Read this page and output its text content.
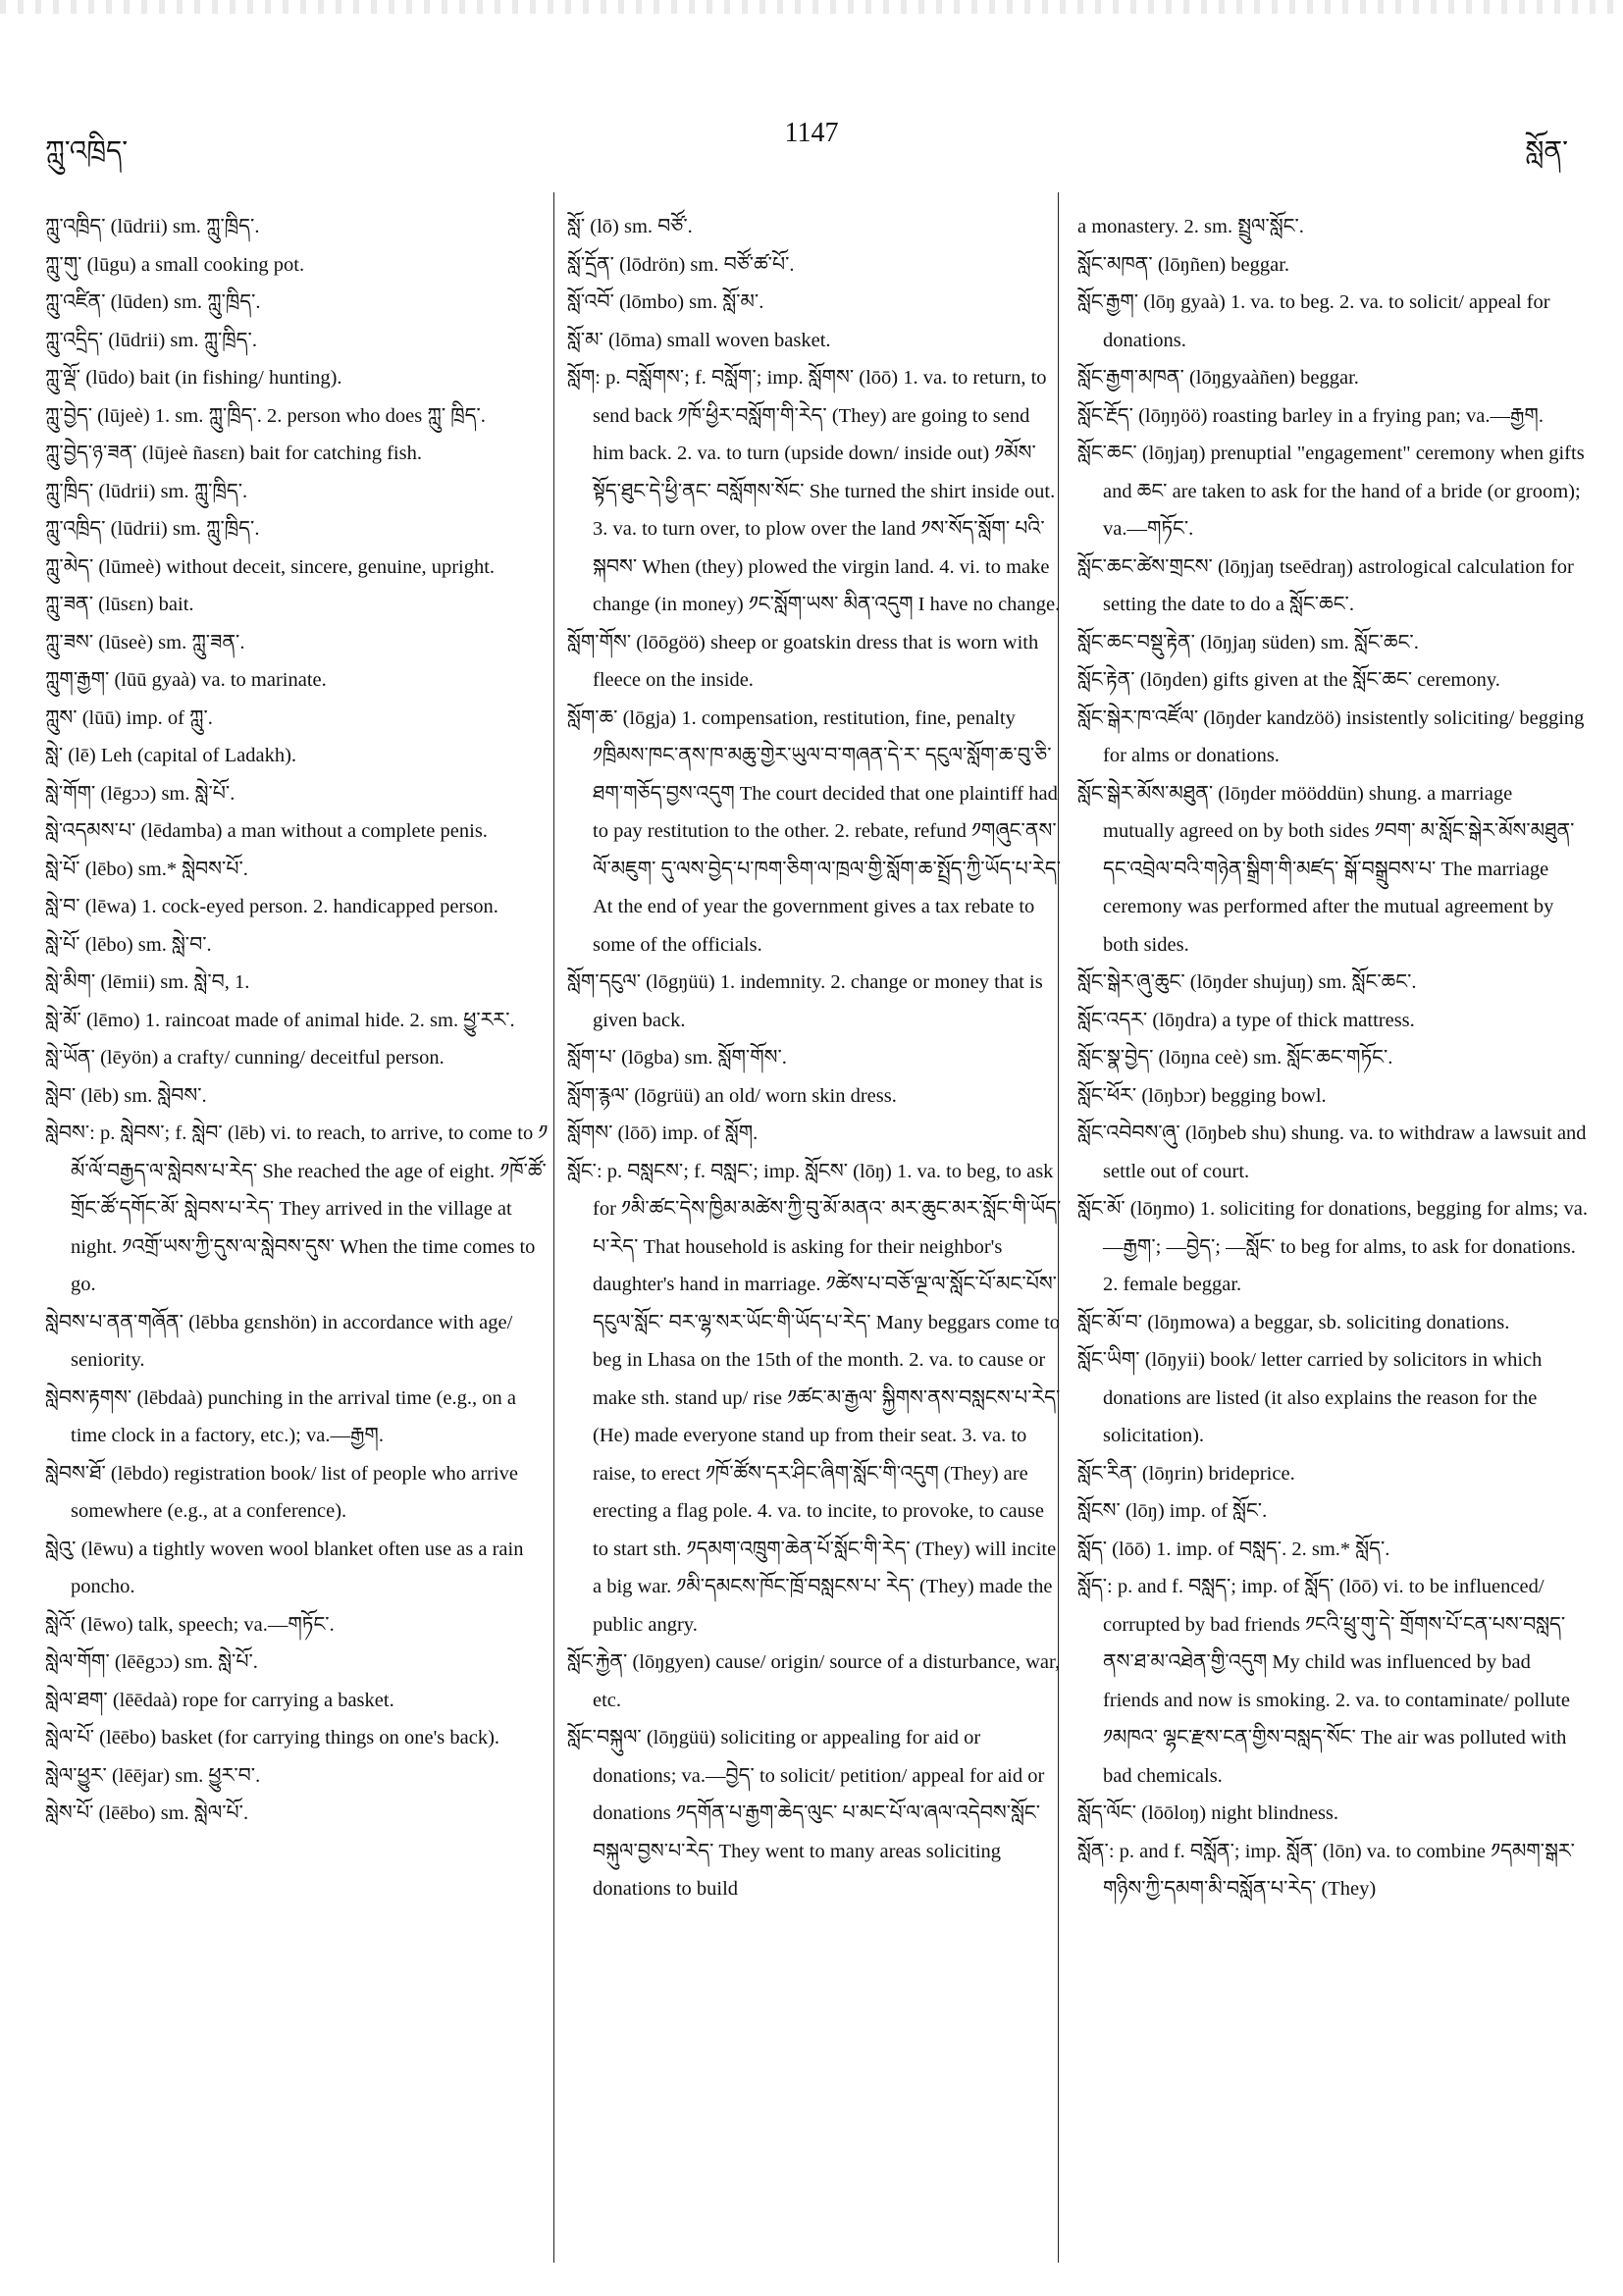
ཀླུ་འཁྲིད་
1147
སློན་

ཀླུ་འཁྲིད་ (lūdrii) sm. ཀླུ་ཁྲིད་.

ཀླུ་གུ་ (lūgu) a small cooking pot.

ཀླུ་འཛིན་ (lūden) sm. ཀླུ་ཁྲིད་.

ཀླུ་འདྲིད་ (lūdrii) sm. ཀླུ་ཁྲིད་.

ཀླུ་ལྡོ་ (lūdo) bait (in fishing/ hunting).

ཀླུ་བྱེད་ (lūjeè) 1. sm. ཀླུ་ཁྲིད་. 2. person who does ཀླུ་ ཁྲིད་.

ཀླུ་བྱེད་ཉ་ཟན་ (lūjeè ñasɛn) bait for catching fish.

ཀླུ་ཁྲིད་ (lūdrii) sm. ཀླུ་ཁྲིད་.

ཀླུ་འཁྲིད་ (lūdrii) sm. ཀླུ་ཁྲིད་.

ཀླུ་མེད་ (lūmeè) without deceit, sincere, genuine, upright.

ཀླུ་ཟན་ (lūsɛn) bait.

ཀླུ་ཟས་ (lūseè) sm. ཀླུ་ཟན་.

ཀླུག་རྒྱག་ (lūū gyaà) va. to marinate.

ཀླུས་ (lūū) imp. of ཀླུ་.

སླེ་ (lē) Leh (capital of Ladakh).

སླེ་གོག་ (lēgɔɔ) sm. སླེ་པོ་.

སླེ་འདམས་པ་ (lēdamba) a man without a complete penis.

སླེ་པོ་ (lēbo) sm.* སླེབས་པོ་.

སླེ་བ་ (lēwa) 1. cock-eyed person. 2. handicapped person.

སླེ་པོ་ (lēbo) sm. སླེ་བ་.

སླེ་མིག་ (lēmii) sm. སླེ་བ, 1.

སླེ་མོ་ (lēmo) 1. raincoat made of animal hide. 2. sm. ཕྱུ་རར་.

སླེ་ཡོན་ (lēyön) a crafty/ cunning/ deceitful person.

སླེབ་ (lēb) sm. སླེབས་.

སླེབས་: p. སླེབས་; f. སླེབ་ (lēb) vi. to reach, to arrive, to come to ༡ མོ་ལོ་བརྒྱད་ལ་སླེབས་པ་རེད་ She reached the age of eight. ༡ཁོ་ཚོ་གྲོང་ཚོ་དགོང་མོ་ སླེབས་པ་རེད་ They arrived in the village at night. ༡འགྲོ་ཡས་ཀྱི་དུས་ལ་སླེབས་དུས་ When the time comes to go.

སླེབས་པ་ནན་གཞོན་ (lēbba gɛnshön) in accordance with age/ seniority.

སླེབས་རྟགས་ (lēbdaà) punching in the arrival time (e.g., on a time clock in a factory, etc.); va.—རྒྱག.

སླེབས་ཐོ་ (lēbdo) registration book/ list of people who arrive somewhere (e.g., at a conference).

སླེའུ་ (lēwu) a tightly woven wool blanket often use as a rain poncho.

སླེའོ་ (lēwo) talk, speech; va.—གཏོང་.

སླེལ་གོག་ (lēēgɔɔ) sm. སླེ་པོ་.

སླེལ་ཐག་ (lēēdaà) rope for carrying a basket.

སླེལ་པོ་ (lēēbo) basket (for carrying things on one's back).

སླེལ་ཕྱུར་ (lēējar) sm. ཕྱུར་བ་.

སླེས་པོ་ (lēēbo) sm. སླེལ་པོ་.

སློ་ (lō) sm. བཙོ་.

སློ་དྲོན་ (lōdrön) sm. བཙོ་ཚ་པོ་.

སློ་འབོ་ (lōmbo) sm. སློ་མ་.

སློ་མ་ (lōma) small woven basket.

སློག: p. བསློགས་; f. བསློག་; imp. སློགས་ (lōō) 1. va. to return, to send back ༡ཁོ་ཕྱིར་བསློག་གི་རེད་ (They) are going to send him back. 2. va. to turn (upside down/ inside out) ༡མོས་སྟོད་ཐུང་དེ་ཕྱི་ནང་ བསློགས་སོང་ She turned the shirt inside out. 3. va. to turn over, to plow over the land ༡ས་སོད་སློག་ པའི་སྐབས་ When (they) plowed the virgin land. 4. vi. to make change (in money) ༡ང་སློག་ཡས་ མིན་འདུག I have no change.

སློག་གོས་ (lōōgöö) sheep or goatskin dress that is worn with fleece on the inside.

སློག་ཆ་ (lōgja) 1. compensation, restitution, fine, penalty ༡ཁྲིམས་ཁང་ནས་ཁ་མཆུ་གྱེར་ཡུལ་བ་གཞན་དེ་ར་ དངུལ་སློག་ཆ་བུ་ཅི་ཐག་གཅོད་བྱས་འདུག The court decided that one plaintiff had to pay restitution to the other. 2. rebate, refund ༡གཞུང་ནས་ལོ་མཇུག་ དུ་ལས་བྱེད་པ་ཁག་ཅིག་ལ་ཁྲལ་གྱི་སློག་ཆ་སྤྲོད་ཀྱི་ཡོད་པ་རེད་ At the end of year the government gives a tax rebate to some of the officials.

སློག་དངུལ་ (lōgŋüü) 1. indemnity. 2. change or money that is given back.

སློག་པ་ (lōgba) sm. སློག་གོས་.

སློག་རྙལ་ (lōgrüü) an old/ worn skin dress.

སློགས་ (lōō) imp. of སློག.

སློང་: p. བསླངས་; f. བསླང་; imp. སློངས་ (lōŋ) 1. va. to beg, to ask for ༡མི་ཚང་དེས་ཁྱིམ་མཚེས་ཀྱི་བུ་མོ་མནའ་ མར་ཆུང་མར་སློང་གི་ཡོད་པ་རེད་ That household is asking for their neighbor's daughter's hand in marriage. ༡ཚེས་པ་བཅོ་ལྔ་ལ་སློང་པོ་མང་པོས་དངུལ་སློང་ བར་ལྷ་སར་ཡོང་གི་ཡོད་པ་རེད་ Many beggars come to beg in Lhasa on the 15th of the month. 2. va. to cause or make sth. stand up/ rise ༡ཚང་མ་རྒྱལ་ སྐྱིགས་ནས་བསླངས་པ་རེད་ (He) made everyone stand up from their seat. 3. va. to raise, to erect ༡ཁོ་ཚོས་དར་ཤིང་ཞིག་སློང་གི་འདུག (They) are erecting a flag pole. 4. va. to incite, to provoke, to cause to start sth. ༡དམག་འཁྲུག་ཆེན་པོ་སློང་གི་རེད་ (They) will incite a big war. ༡མི་དམངས་ཁོང་ཁྲོ་བསླངས་པ་ རེད་ (They) made the public angry.

སློང་རྐྱེན་ (lōŋgyen) cause/ origin/ source of a disturbance, war, etc.

སློང་བསྐུལ་ (lōŋgüü) soliciting or appealing for aid or donations; va.—བྱེད་ to solicit/ petition/ appeal for aid or donations ༡དགོན་པ་རྒྱག་ཆེད་ལུང་ པ་མང་པོ་ལ་ཞལ་འདེབས་སློང་བསྐུལ་བྱས་པ་རེད་ They went to many areas soliciting donations to build

a monastery. 2. sm. སྤྲུལ་སློང་.

སློང་མཁན་ (lōŋñen) beggar.

སློང་རྒྱག་ (lōŋ gyaà) 1. va. to beg. 2. va. to solicit/ appeal for donations.

སློང་རྒྱག་མཁན་ (lōŋgyaàñen) beggar.

སློང་རྔོད་ (lōŋŋöö) roasting barley in a frying pan; va.—རྒྱག.

སློང་ཆང་ (lōŋjaŋ) prenuptial "engagement" ceremony when gifts and ཆང་ are taken to ask for the hand of a bride (or groom); va.—གཏོང་.

སློང་ཆང་ཚེས་གྲངས་ (lōŋjaŋ tseēdraŋ) astrological calculation for setting the date to do a སློང་ཆང་.

སློང་ཆང་བསྡུ་རྟེན་ (lōŋjaŋ süden) sm. སློང་ཆང་.

སློང་རྟེན་ (lōŋden) gifts given at the སློང་ཆང་ ceremony.

སློང་སྒེར་ཁ་འཛོལ་ (lōŋder kandzöö) insistently soliciting/ begging for alms or donations.

སློང་སྒེར་མོས་མཐུན་ (lōŋder mööddün) shung. a marriage mutually agreed on by both sides ༡བག་ མ་སློང་སྒེར་མོས་མཐུན་དང་འབྲེལ་བའི་གཉེན་སྒྲིག་གི་མཛད་ སྒོ་བསྒྲུབས་པ་ The marriage ceremony was performed after the mutual agreement by both sides.

སློང་སྒེར་ཞུ་ཆུང་ (lōŋder shujuŋ) sm. སློང་ཆང་.

སློང་འདར་ (lōŋdra) a type of thick mattress.

སློང་སྣ་བྱེད་ (lōŋna ceè) sm. སློང་ཆང་གཏོང་.

སློང་ཕོར་ (lōŋbɔr) begging bowl.

སློང་འབེབས་ཞུ་ (lōŋbeb shu) shung. va. to withdraw a lawsuit and settle out of court.

སློང་མོ་ (lōŋmo) 1. soliciting for donations, begging for alms; va.—རྒྱག་; —བྱེད་; —སློང་ to beg for alms, to ask for donations. 2. female beggar.

སློང་མོ་བ་ (lōŋmowa) a beggar, sb. soliciting donations.

སློང་ཡིག་ (lōŋyii) book/ letter carried by solicitors in which donations are listed (it also explains the reason for the solicitation).

སློང་རིན་ (lōŋrin) brideprice.

སློངས་ (lōŋ) imp. of སློང་.

སློད་ (lōō) 1. imp. of བསླད་. 2. sm.* སློད་.

སློད་: p. and f. བསླད་; imp. of སློད་ (lōō) vi. to be influenced/ corrupted by bad friends ༡ངའི་ཕྲུ་གུ་དེ་ གྲོགས་པོ་ངན་པས་བསླད་ནས་ཐ་མ་འཐེན་གྱི་འདུག My child was influenced by bad friends and now is smoking. 2. va. to contaminate/ pollute ༡མཁའ་ ལྷང་རྫས་ངན་གྱིས་བསླད་སོང་ The air was polluted with bad chemicals.

སློད་ལོང་ (lōōloŋ) night blindness.

སློན་: p. and f. བསློན་; imp. སློན་ (lōn) va. to combine ༡དམག་སྒར་གཉིས་ཀྱི་དམག་མི་བསློན་པ་རེད་ (They)
